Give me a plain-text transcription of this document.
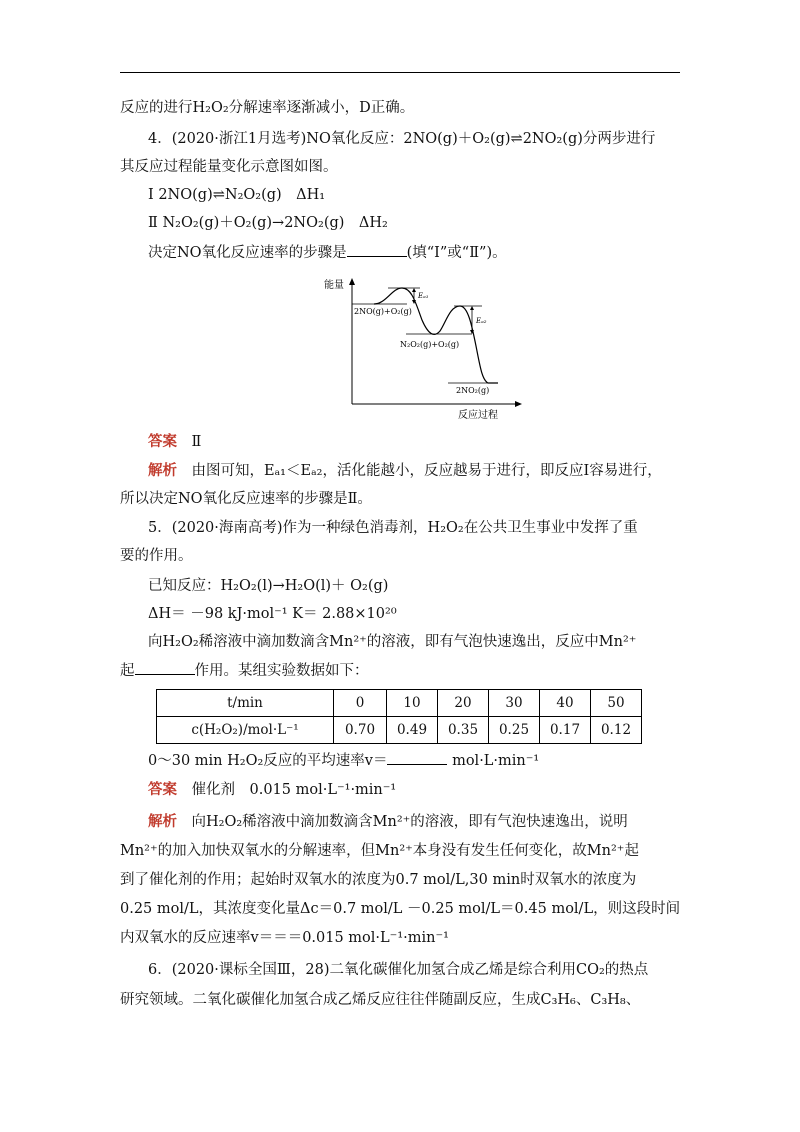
反应的进行H₂O₂分解速率逐渐减小，D正确。
4．(2020·浙江1月选考)NO氧化反应：2NO(g)＋O₂(g)⇌2NO₂(g)分两步进行
其反应过程能量变化示意图如图。
Ⅰ 2NO(g)⇌N₂O₂(g)　ΔH₁
Ⅱ N₂O₂(g)＋O₂(g)→2NO₂(g)　ΔH₂
决定NO氧化反应速率的步骤是	(填“Ⅰ”或“Ⅱ”)。
能量
反应过程
Eₐ₁
Eₐ₂
2NO(g)+O₂(g)
N₂O₂(g)+O₂(g)
2NO₂(g)
答案　 Ⅱ
解析　 由图可知，Eₐ₁＜Eₐ₂，活化能越小，反应越易于进行，即反应Ⅰ容易进行，
所以决定NO氧化反应速率的步骤是Ⅱ。
5．(2020·海南高考)作为一种绿色消毒剂，H₂O₂在公共卫生事业中发挥了重
要的作用。
已知反应：H₂O₂(l)→H₂O(l)＋ O₂(g)
ΔH＝ －98 kJ·mol⁻¹ K＝ 2.88×10²⁰
向H₂O₂稀溶液中滴加数滴含Mn²⁺的溶液，即有气泡快速逸出，反应中Mn²⁺
起	作用。某组实验数据如下：
t/min	0	10	20	30	40	50
c(H₂O₂)/mol·L⁻¹	0.70	0.49	0.35	0.25	0.17	0.12
0～30 min H₂O₂反应的平均速率v＝	mol·L·min⁻¹
答案　 催化剂　0.015 mol·L⁻¹·min⁻¹
解析　 向H₂O₂稀溶液中滴加数滴含Mn²⁺的溶液，即有气泡快速逸出，说明
Mn²⁺的加入加快双氧水的分解速率，但Mn²⁺本身没有发生任何变化，故Mn²⁺起
到了催化剂的作用；起始时双氧水的浓度为0.7 mol/L,30 min时双氧水的浓度为
0.25 mol/L，其浓度变化量Δc＝0.7 mol/L －0.25 mol/L＝0.45 mol/L，则这段时间
内双氧水的反应速率v＝＝＝0.015 mol·L⁻¹·min⁻¹
6．(2020·课标全国Ⅲ，28)二氧化碳催化加氢合成乙烯是综合利用CO₂的热点
研究领域。二氧化碳催化加氢合成乙烯反应往往伴随副反应，生成C₃H₆、C₃H₈、
